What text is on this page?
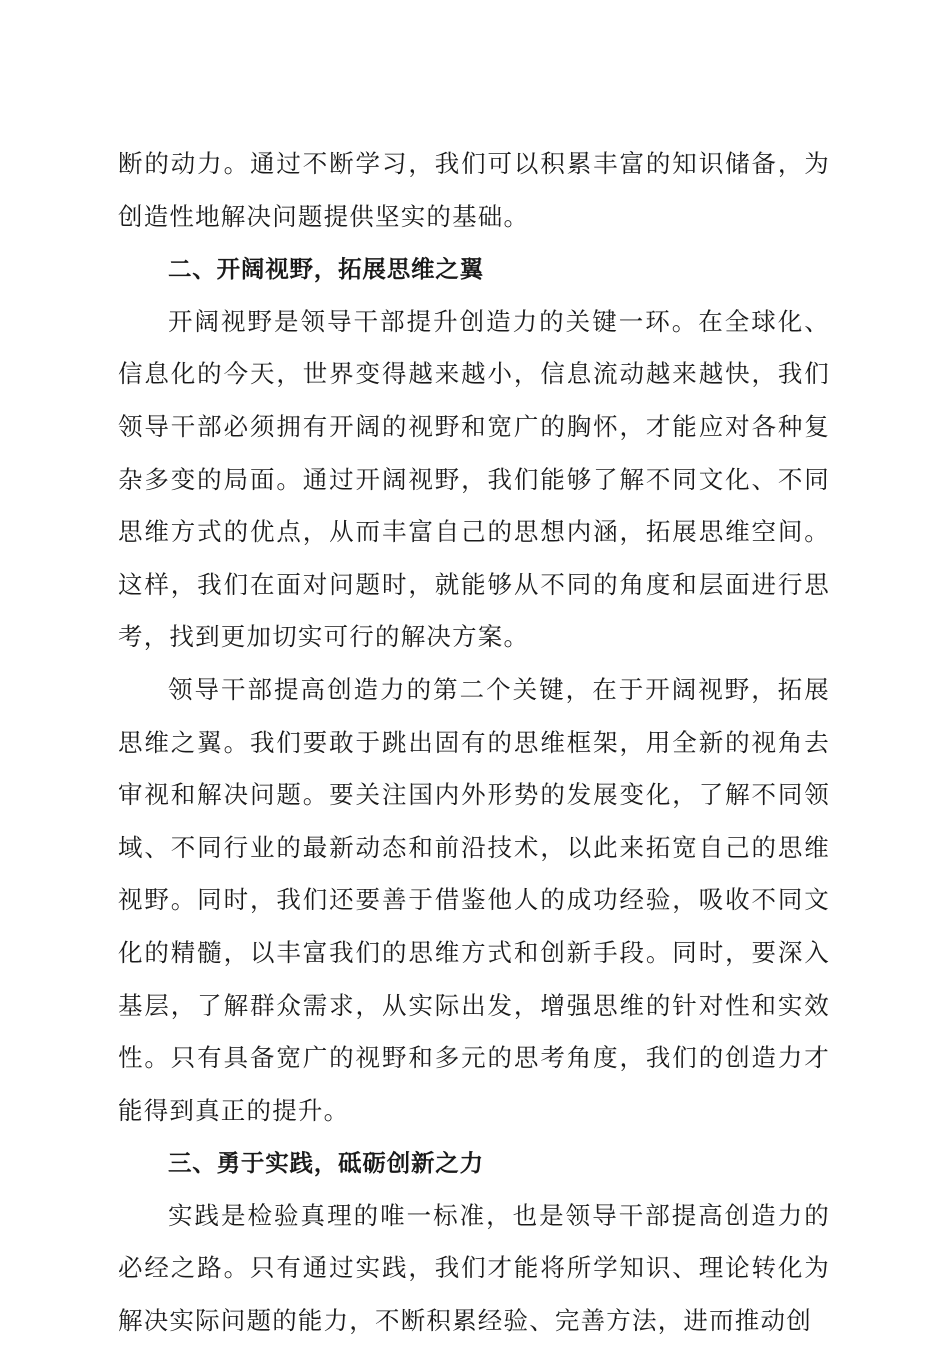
断的动力。通过不断学习，我们可以积累丰富的知识储备，为创造性地解决问题提供坚实的基础。

二、开阔视野，拓展思维之翼

开阔视野是领导干部提升创造力的关键一环。在全球化、信息化的今天，世界变得越来越小，信息流动越来越快，我们领导干部必须拥有开阔的视野和宽广的胸怀，才能应对各种复杂多变的局面。通过开阔视野，我们能够了解不同文化、不同思维方式的优点，从而丰富自己的思想内涵，拓展思维空间。这样，我们在面对问题时，就能够从不同的角度和层面进行思考，找到更加切实可行的解决方案。

领导干部提高创造力的第二个关键，在于开阔视野，拓展思维之翼。我们要敢于跳出固有的思维框架，用全新的视角去审视和解决问题。要关注国内外形势的发展变化，了解不同领域、不同行业的最新动态和前沿技术，以此来拓宽自己的思维视野。同时，我们还要善于借鉴他人的成功经验，吸收不同文化的精髓，以丰富我们的思维方式和创新手段。同时，要深入基层，了解群众需求，从实际出发，增强思维的针对性和实效性。只有具备宽广的视野和多元的思考角度，我们的创造力才能得到真正的提升。

三、勇于实践，砥砺创新之力

实践是检验真理的唯一标准，也是领导干部提高创造力的必经之路。只有通过实践，我们才能将所学知识、理论转化为解决实际问题的能力，不断积累经验、完善方法，进而推动创
